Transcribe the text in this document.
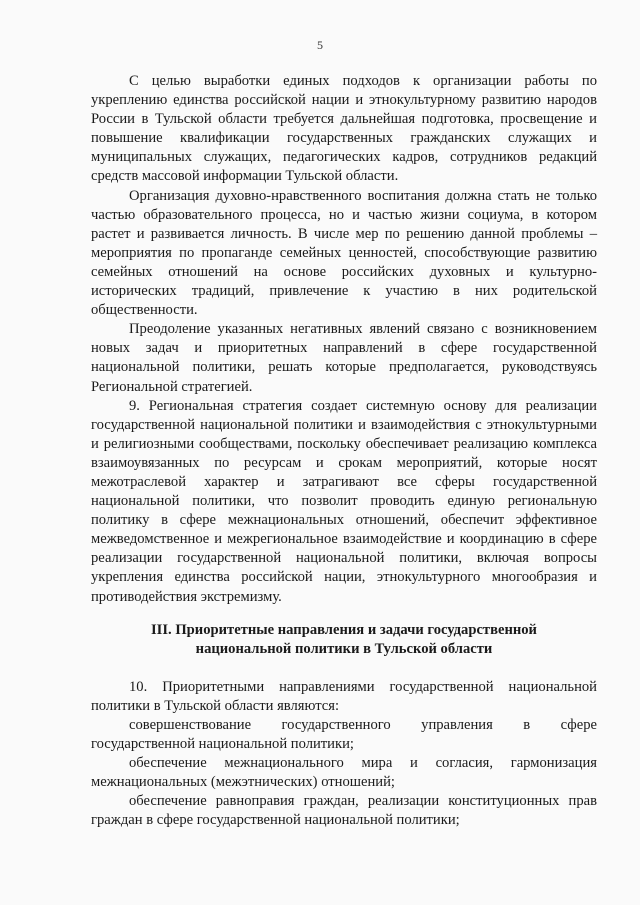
5

С целью выработки единых подходов к организации работы по укреплению единства российской нации и этнокультурному развитию народов России в Тульской области требуется дальнейшая подготовка, просвещение и повышение квалификации государственных гражданских служащих и муниципальных служащих, педагогических кадров, сотрудников редакций средств массовой информации Тульской области.

Организация духовно-нравственного воспитания должна стать не только частью образовательного процесса, но и частью жизни социума, в котором растет и развивается личность. В числе мер по решению данной проблемы – мероприятия по пропаганде семейных ценностей, способствующие развитию семейных отношений на основе российских духовных и культурно-исторических традиций, привлечение к участию в них родительской общественности.

Преодоление указанных негативных явлений связано с возникновением новых задач и приоритетных направлений в сфере государственной национальной политики, решать которые предполагается, руководствуясь Региональной стратегией.

9. Региональная стратегия создает системную основу для реализации государственной национальной политики и взаимодействия с этнокультурными и религиозными сообществами, поскольку обеспечивает реализацию комплекса взаимоувязанных по ресурсам и срокам мероприятий, которые носят межотраслевой характер и затрагивают все сферы государственной национальной политики, что позволит проводить единую региональную политику в сфере межнациональных отношений, обеспечит эффективное межведомственное и межрегиональное взаимодействие и координацию в сфере реализации государственной национальной политики, включая вопросы укрепления единства российской нации, этнокультурного многообразия и противодействия экстремизму.

III. Приоритетные направления и задачи государственной
национальной политики в Тульской области

10. Приоритетными направлениями государственной национальной политики в Тульской области являются:

совершенствование государственного управления в сфере государственной национальной политики;

обеспечение межнационального мира и согласия, гармонизация межнациональных (межэтнических) отношений;

обеспечение равноправия граждан, реализации конституционных прав граждан в сфере государственной национальной политики;
